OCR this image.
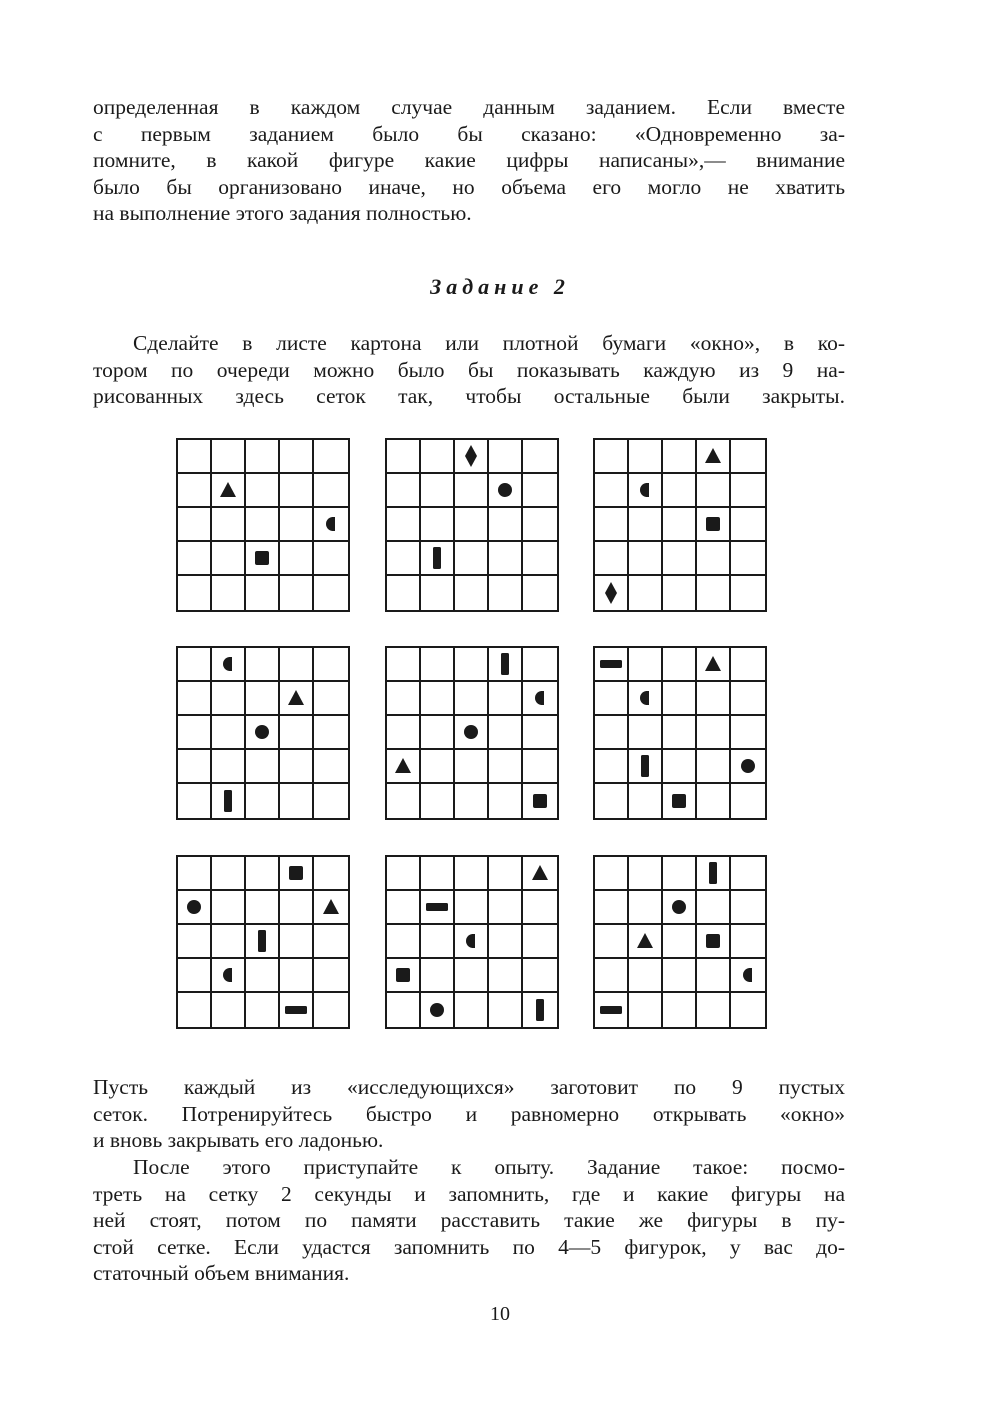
определенная в каждом случае данным заданием. Если вместе
с первым заданием было бы сказано: «Одновременно за-
помните, в какой фигуре какие цифры написаны»,— внимание
было бы организовано иначе, но объема его могло не хватить
на выполнение этого задания полностью.
Задание 2
Сделайте в листе картона или плотной бумаги «окно», в ко-
тором по очереди можно было бы показывать каждую из 9 на-
рисованных здесь сеток так, чтобы остальные были закрыты.
Пусть каждый из «исследующихся» заготовит по 9 пустых
сеток. Потренируйтесь быстро и равномерно открывать «окно»
и вновь закрывать его ладонью.
После этого приступайте к опыту. Задание такое: посмо-
треть на сетку 2 секунды и запомнить, где и какие фигуры на
ней стоят, потом по памяти расставить такие же фигуры в пу-
стой сетке. Если удастся запомнить по 4—5 фигурок, у вас до-
статочный объем внимания.

10
